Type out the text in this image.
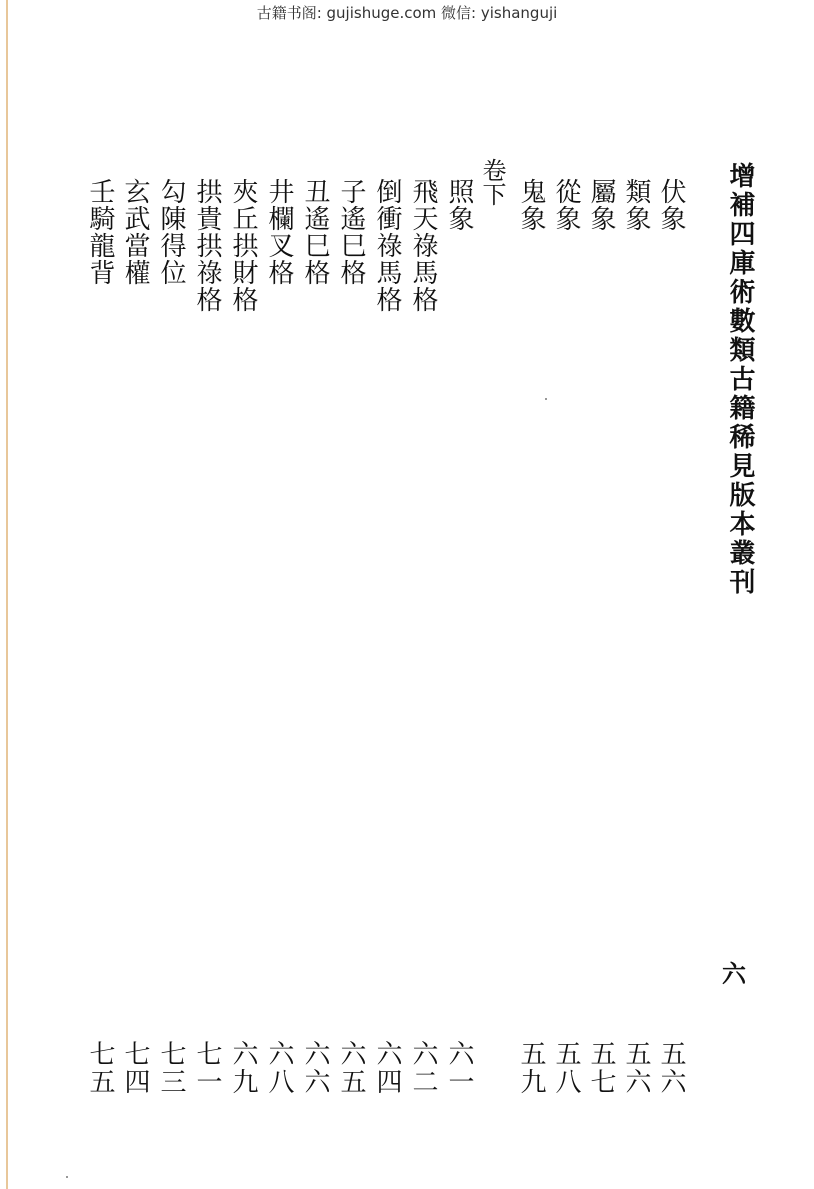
古籍书阁: gujishuge.com 微信: yishanguji
增補四庫術數類古籍稀見版本叢刊
六
卷下	伏象
五六
類象
五六
屬象
五七
從象
五八
鬼象
五九
照象
六一
飛天祿馬格
六二
倒衝祿馬格
六四
子遙巳格
六五
丑遙巳格
六六
井欄叉格
六八
夾丘拱財格
六九
拱貴拱祿格
七一
勾陳得位
七三
玄武當權
七四
壬騎龍背
七五
